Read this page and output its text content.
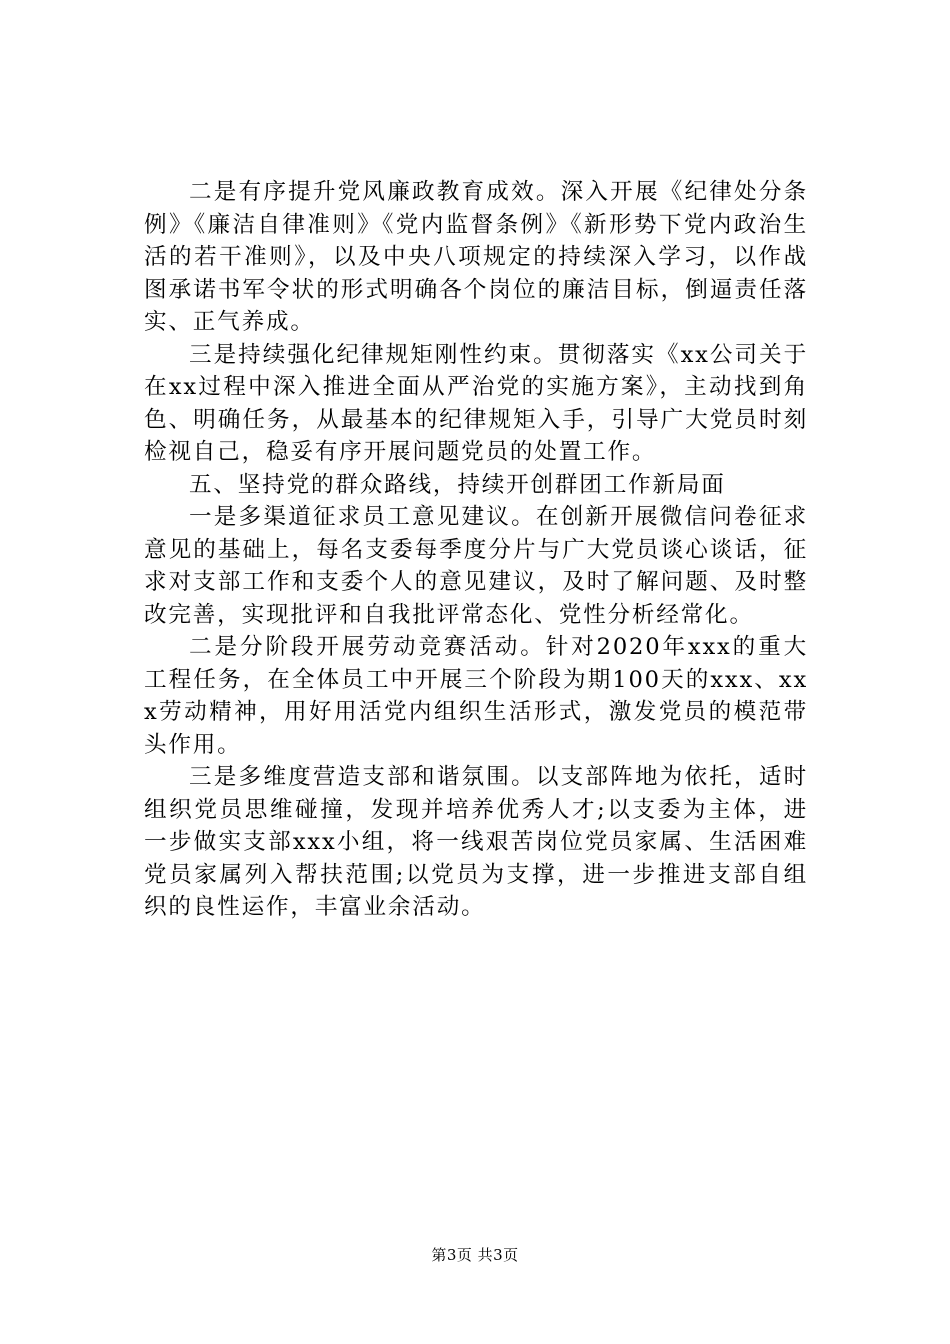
二是有序提升党风廉政教育成效。深入开展《纪律处分条例》《廉洁自律准则》《党内监督条例》《新形势下党内政治生活的若干准则》，以及中央八项规定的持续深入学习，以作战图承诺书军令状的形式明确各个岗位的廉洁目标，倒逼责任落实、正气养成。

三是持续强化纪律规矩刚性约束。贯彻落实《xx公司关于在xx过程中深入推进全面从严治党的实施方案》，主动找到角色、明确任务，从最基本的纪律规矩入手，引导广大党员时刻检视自己，稳妥有序开展问题党员的处置工作。

五、坚持党的群众路线，持续开创群团工作新局面

一是多渠道征求员工意见建议。在创新开展微信问卷征求意见的基础上，每名支委每季度分片与广大党员谈心谈话，征求对支部工作和支委个人的意见建议，及时了解问题、及时整改完善，实现批评和自我批评常态化、党性分析经常化。

二是分阶段开展劳动竞赛活动。针对2020年xxx的重大工程任务，在全体员工中开展三个阶段为期100天的xxx、xxx劳动精神，用好用活党内组织生活形式，激发党员的模范带头作用。

三是多维度营造支部和谐氛围。以支部阵地为依托，适时组织党员思维碰撞，发现并培养优秀人才;以支委为主体，进一步做实支部xxx小组，将一线艰苦岗位党员家属、生活困难党员家属列入帮扶范围;以党员为支撑，进一步推进支部自组织的良性运作，丰富业余活动。

第3页 共3页
